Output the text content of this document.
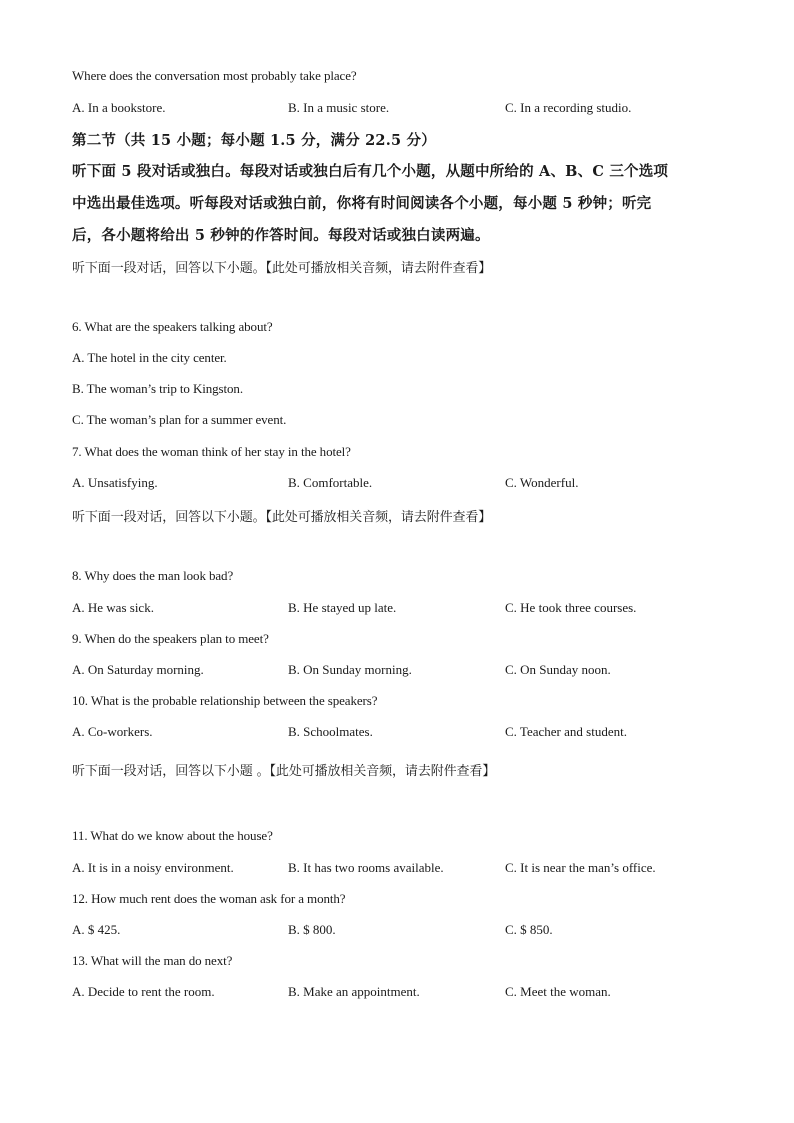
Where does the conversation most probably take place?
A. In a bookstore.	B. In a music store.	C. In a recording studio.
第二节（共 15 小题；每小题 1.5 分，满分 22.5 分）
听下面 5 段对话或独白。每段对话或独白后有几个小题，从题中所给的 A、B、C 三个选项
中选出最佳选项。听每段对话或独白前，你将有时间阅读各个小题，每小题 5 秒钟；听完
后，各小题将给出 5 秒钟的作答时间。每段对话或独白读两遍。
听下面一段对话，回答以下小题。【此处可播放相关音频，请去附件查看】
6. What are the speakers talking about?
A. The hotel in the city center.
B. The woman’s trip to Kingston.
C. The woman’s plan for a summer event.
7. What does the woman think of her stay in the hotel?
A. Unsatisfying.	B. Comfortable.	C. Wonderful.
听下面一段对话，回答以下小题。【此处可播放相关音频，请去附件查看】
8. Why does the man look bad?
A. He was sick.	B. He stayed up late.	C. He took three courses.
9. When do the speakers plan to meet?
A. On Saturday morning.	B. On Sunday morning.	C. On Sunday noon.
10. What is the probable relationship between the speakers?
A. Co-workers.	B. Schoolmates.	C. Teacher and student.
听下面一段对话，回答以下小题 。【此处可播放相关音频，请去附件查看】
11. What do we know about the house?
A. It is in a noisy environment.	B. It has two rooms available.	C. It is near the man’s office.
12. How much rent does the woman ask for a month?
A. $ 425.	B. $ 800.	C. $ 850.
13. What will the man do next?
A. Decide to rent the room.	B. Make an appointment.	C. Meet the woman.
